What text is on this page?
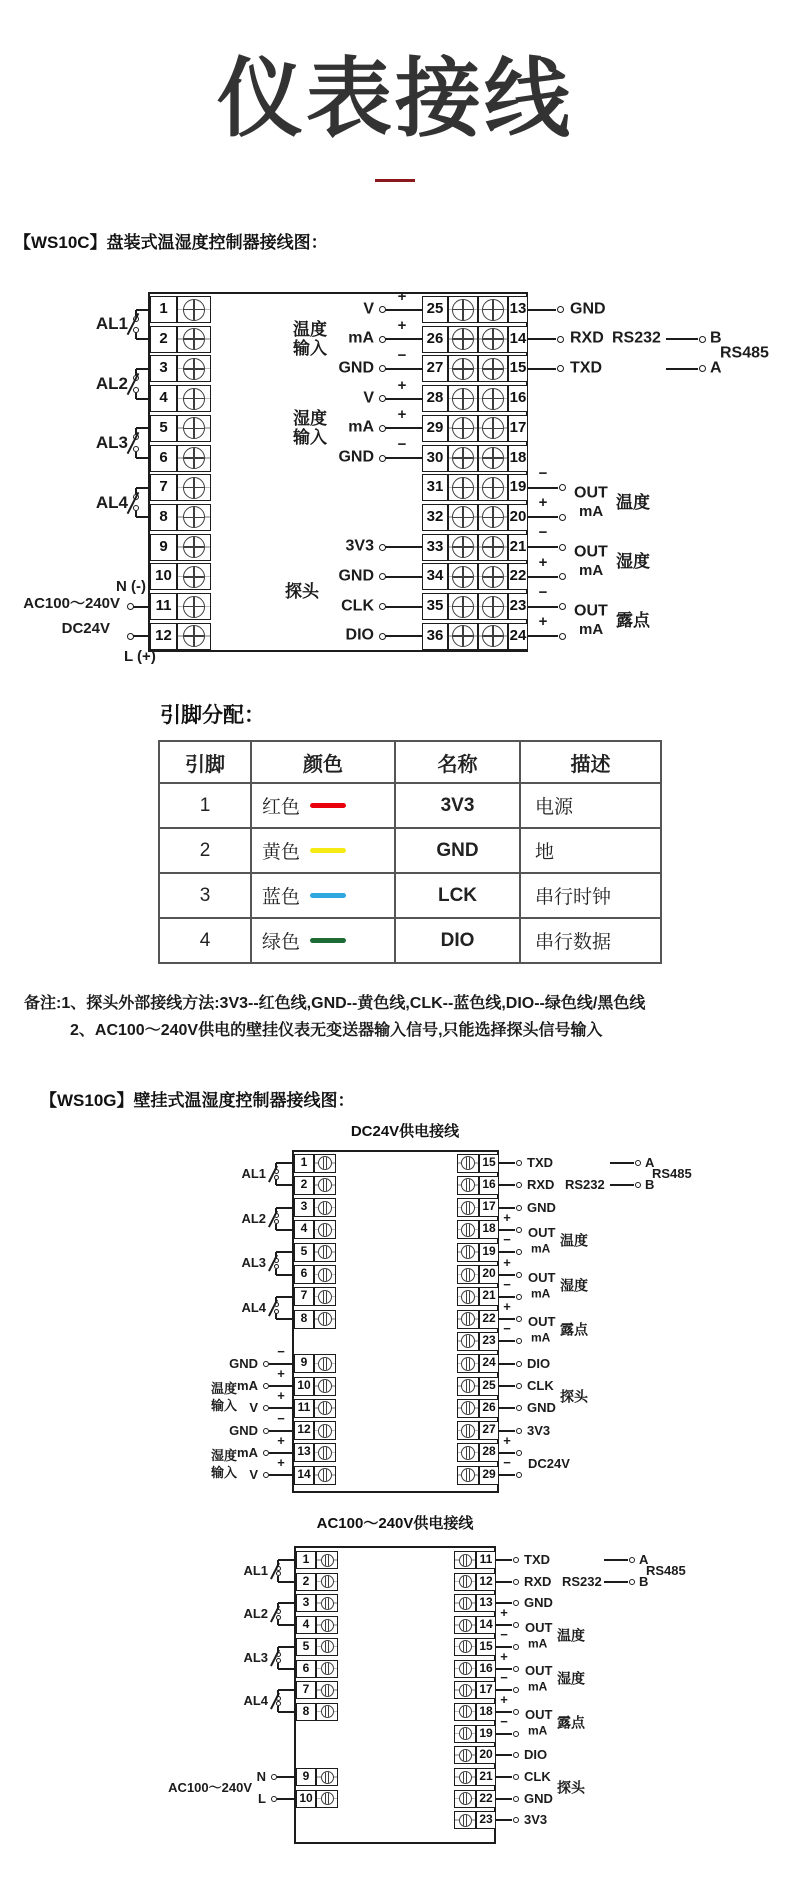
仪表接线
【WS10C】盘装式温湿度控制器接线图：
引脚分配：
引脚	颜色	名称	描述
1	红色	3V3	电源
2	黄色	GND	地
3	蓝色	LCK	串行时钟
4	绿色	DIO	串行数据
备注:1、探头外部接线方法:3V3--红色线,GND--黄色线,CLK--蓝色线,DIO--绿色线/黑色线
2、AC100～240V供电的壁挂仪表无变送器输入信号,只能选择探头信号输入
【WS10G】壁挂式温湿度控制器接线图：
DC24V供电接线
AC100～240V供电接线
1	25	13
2	26	14
3	27	15
4	28	16
5	29	17
6	30	18
7	31	19
8	32	20
9	33	21
10	34	22
11	35	23
12	36	24
AL1
AL2
AL3
AL4
N (-)
AC100～240V
DC24V
L (+)
V
+
mA
+
GND
−
V
+
mA
+
GND
−
3V3
GND
CLK
DIO
温度
输入
湿度
输入
探头
GND
RXD
TXD
RS232	B
A
RS485
−
+
OUT
mA 温度
−
+
OUT
mA 湿度
−
+
OUT
mA 露点
1
2
3
4
5
6
7
8
9
10
11
12
13
14
15
16
17
18
19
20
21
22
23
24
25
26
27
28
29
AL1
AL2
AL3
AL4
GND
−
mA
+
V
+
GND
−
mA
+
V
+
温度
输入
湿度
输入
TXD
RXD
GND
DIO
CLK
GND
3V3
RS232
A
B
RS485
+
−	OUT
mA
温度
+
−	OUT
mA
湿度
+
−	OUT
mA
露点
+
−	DC24V
探头
1
2
3
4
5
6
7
8
9
10
11
12
13
14
15
16
17
18
19
20
21
22
23
AL1
AL2
AL3
AL4
N
L
AC100～240V
TXD
RXD
GND
DIO
CLK
GND
3V3
RS232
A
B
RS485
+
−	OUT
mA
温度
+
−	OUT
mA
湿度
+
−	OUT
mA
露点
探头
